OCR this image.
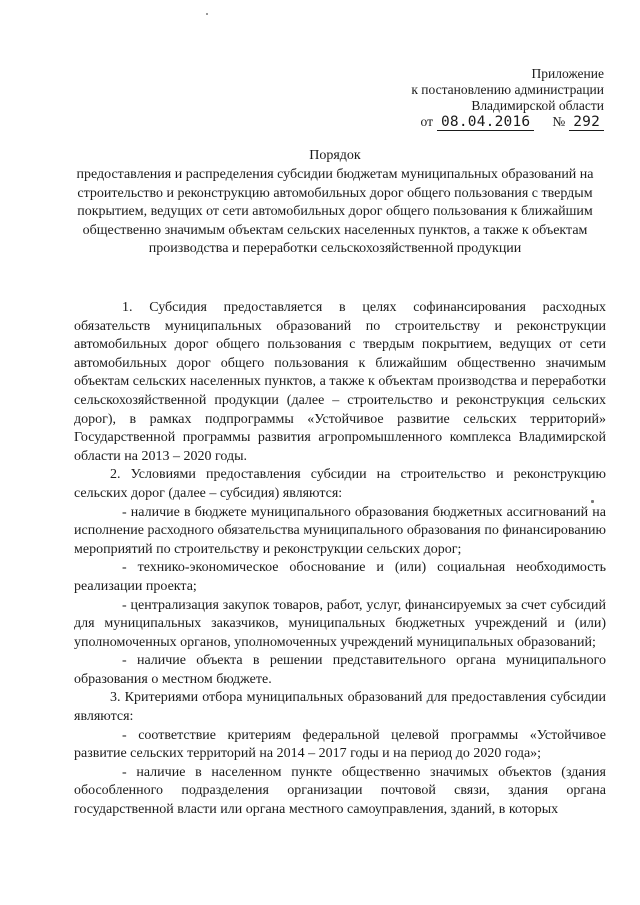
Приложение
к постановлению администрации
Владимирской области
от 08.04.2016 № 292
Порядок
предоставления и распределения субсидии бюджетам муниципальных образований на строительство и реконструкцию автомобильных дорог общего пользования с твердым покрытием, ведущих от сети автомобильных дорог общего пользования к ближайшим общественно значимым объектам сельских населенных пунктов, а также к объектам производства и переработки сельскохозяйственной продукции

1. Субсидия предоставляется в целях софинансирования расходных обязательств муниципальных образований по строительству и реконструкции автомобильных дорог общего пользования с твердым покрытием, ведущих от сети автомобильных дорог общего пользования к ближайшим общественно значимым объектам сельских населенных пунктов, а также к объектам производства и переработки сельскохозяйственной продукции (далее – строительство и реконструкция сельских дорог), в рамках подпрограммы «Устойчивое развитие сельских территорий» Государственной программы развития агропромышленного комплекса Владимирской области на 2013 – 2020 годы.

2. Условиями предоставления субсидии на строительство и реконструкцию сельских дорог (далее – субсидия) являются:

- наличие в бюджете муниципального образования бюджетных ассигнований на исполнение расходного обязательства муниципального образования по финансированию мероприятий по строительству и реконструкции сельских дорог;

- технико-экономическое обоснование и (или) социальная необходимость реализации проекта;

- централизация закупок товаров, работ, услуг, финансируемых за счет субсидий для муниципальных заказчиков, муниципальных бюджетных учреждений и (или) уполномоченных органов, уполномоченных учреждений муниципальных образований;

- наличие объекта в решении представительного органа муниципального образования о местном бюджете.

3. Критериями отбора муниципальных образований для предоставления субсидии являются:

- соответствие критериям федеральной целевой программы «Устойчивое развитие сельских территорий на 2014 – 2017 годы и на период до 2020 года»;

- наличие в населенном пункте общественно значимых объектов (здания обособленного подразделения организации почтовой связи, здания органа государственной власти или органа местного самоуправления, зданий, в которых
